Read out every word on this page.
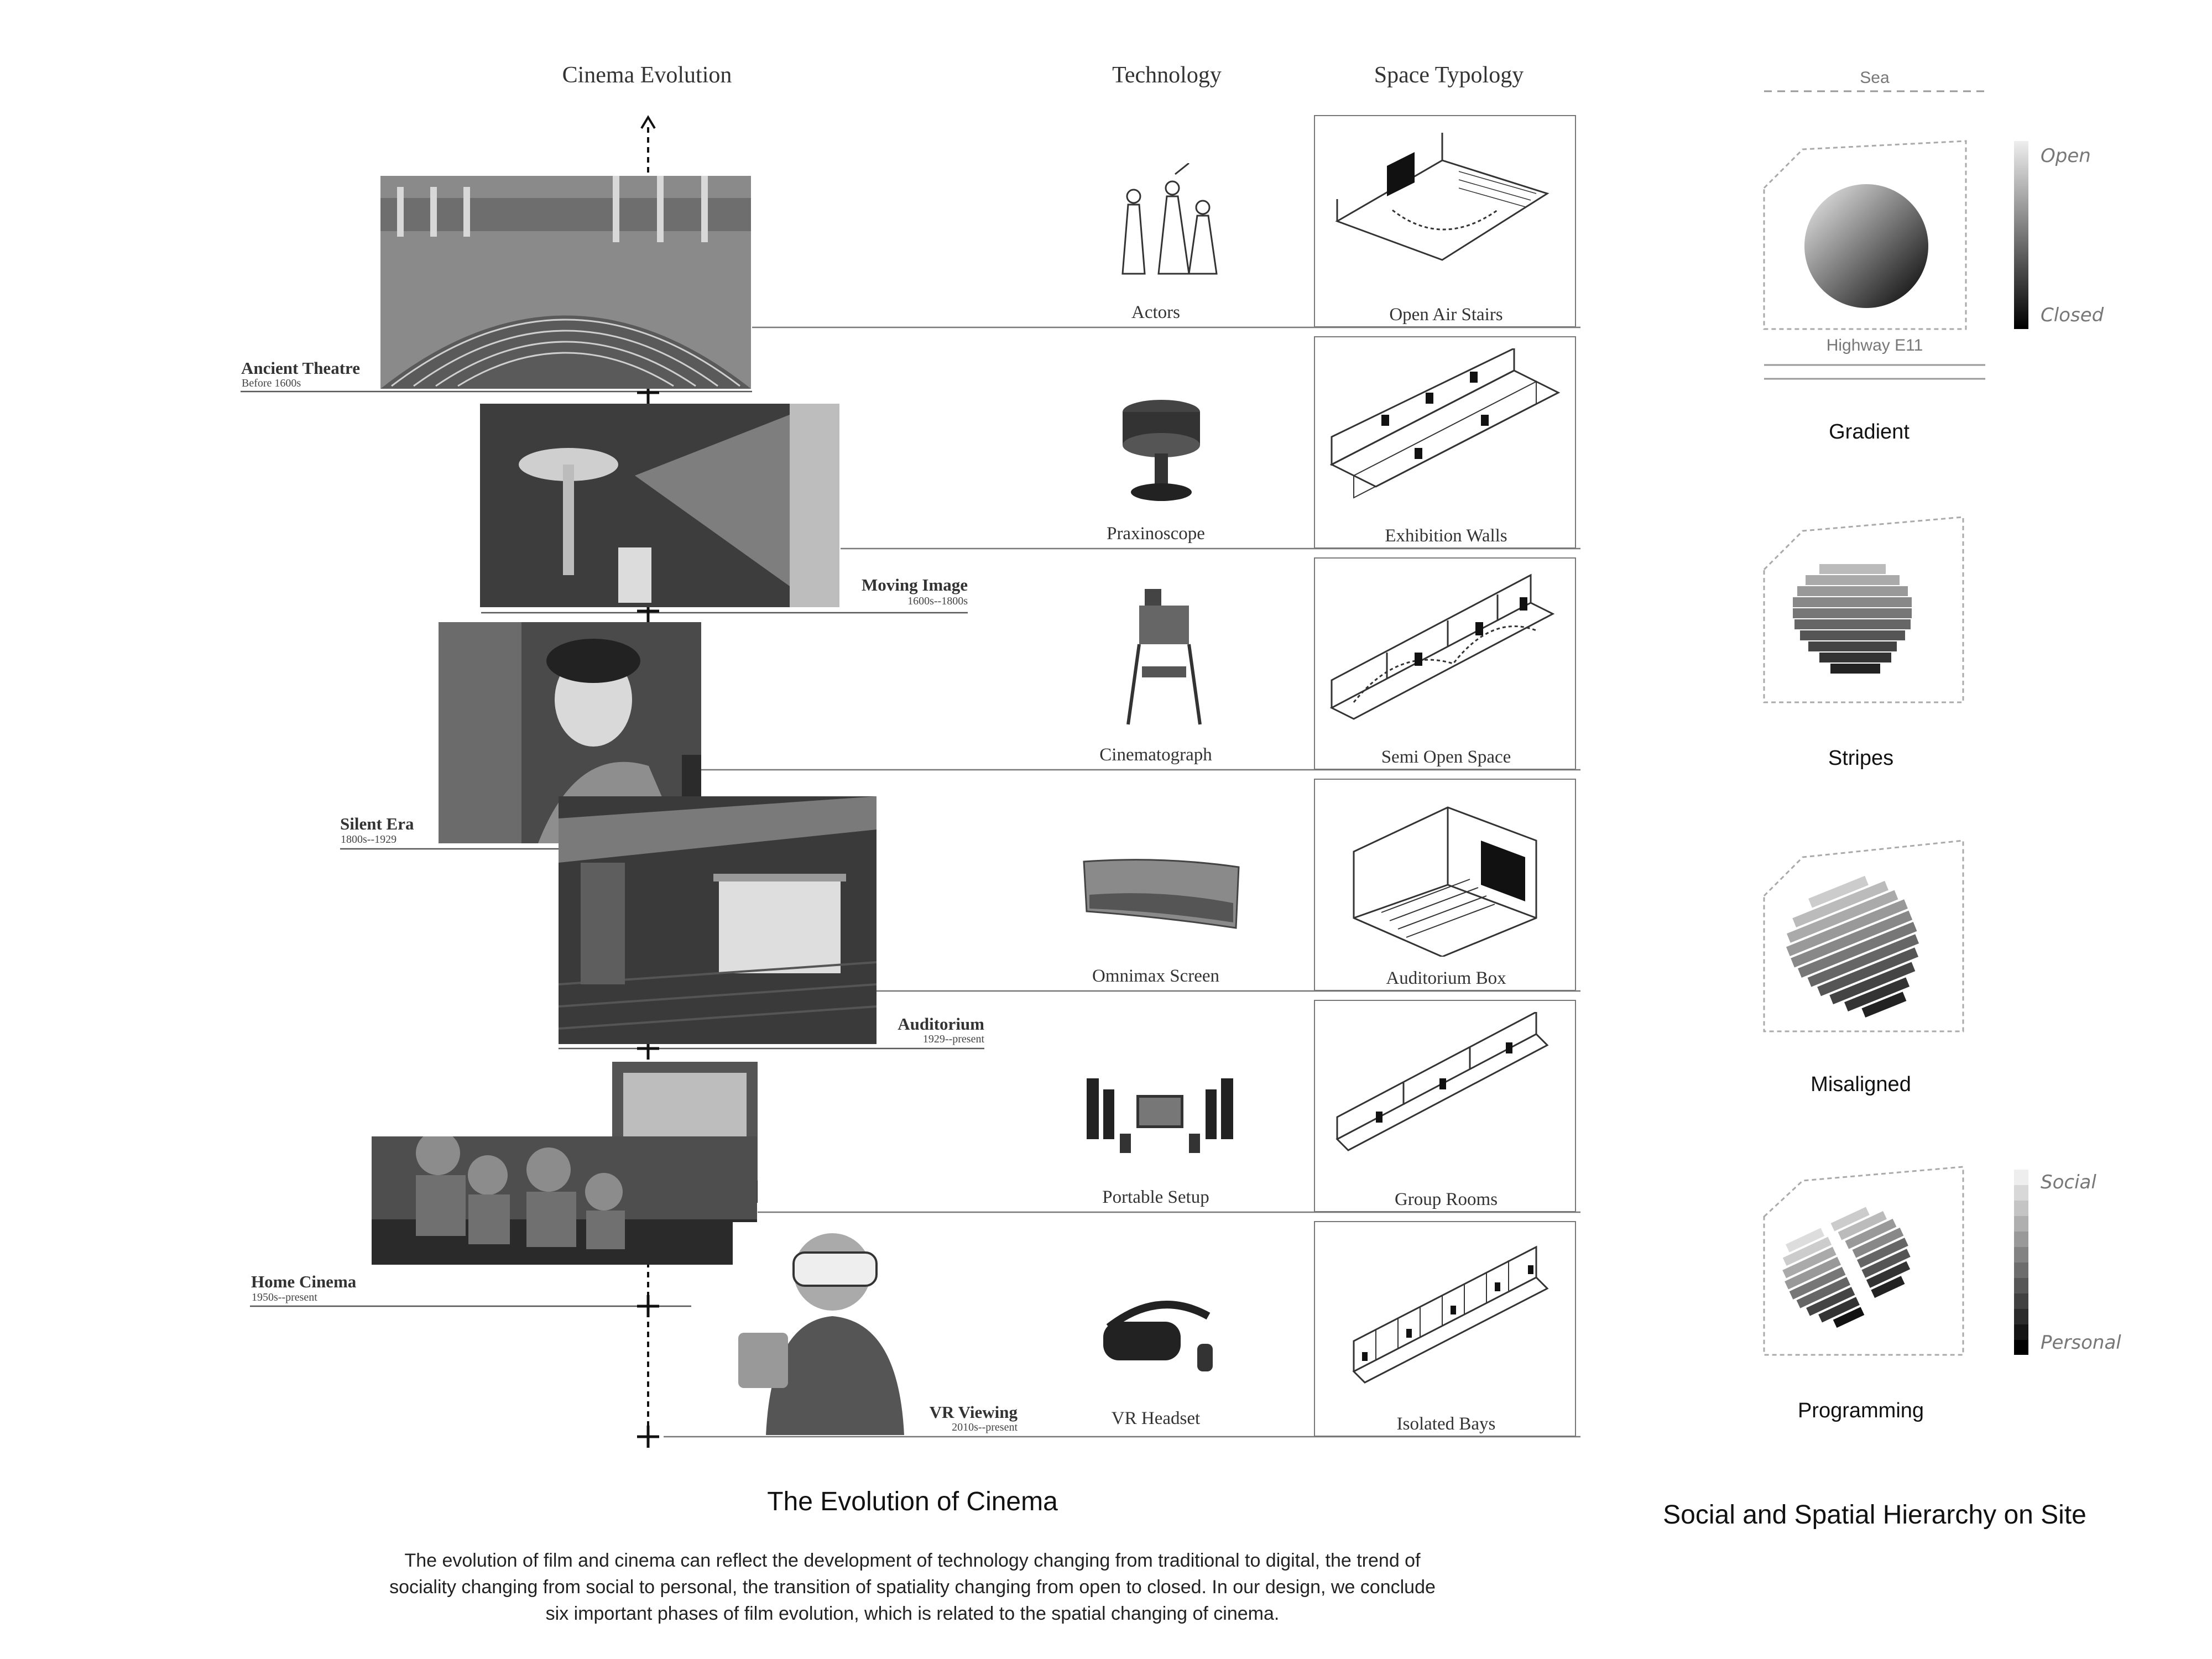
Cinema Evolution	Technology	Space Typology
Ancient Theatre
Before 1600s
Moving Image
1600s--1800s
Silent Era
1800s--1929
Auditorium
1929--present
Home Cinema
1950s--present
VR Viewing
2010s--present
Actors
Praxinoscope
Cinematograph
Omnimax Screen
Portable Setup
VR Headset
Open Air Stairs
Exhibition Walls
Semi Open Space
Auditorium Box
Group Rooms
Isolated Bays
Sea
Highway E11
Open
Closed
Social
Personal
Gradient
Stripes
Misaligned
Programming
Social and Spatial Hierarchy on Site
The Evolution of Cinema
The evolution of film and cinema can reflect the development of technology changing from traditional to digital, the trend of
sociality changing from social to personal, the transition of spatiality changing from open to closed. In our design, we conclude
six important phases of film evolution, which is related to the spatial changing of cinema.
